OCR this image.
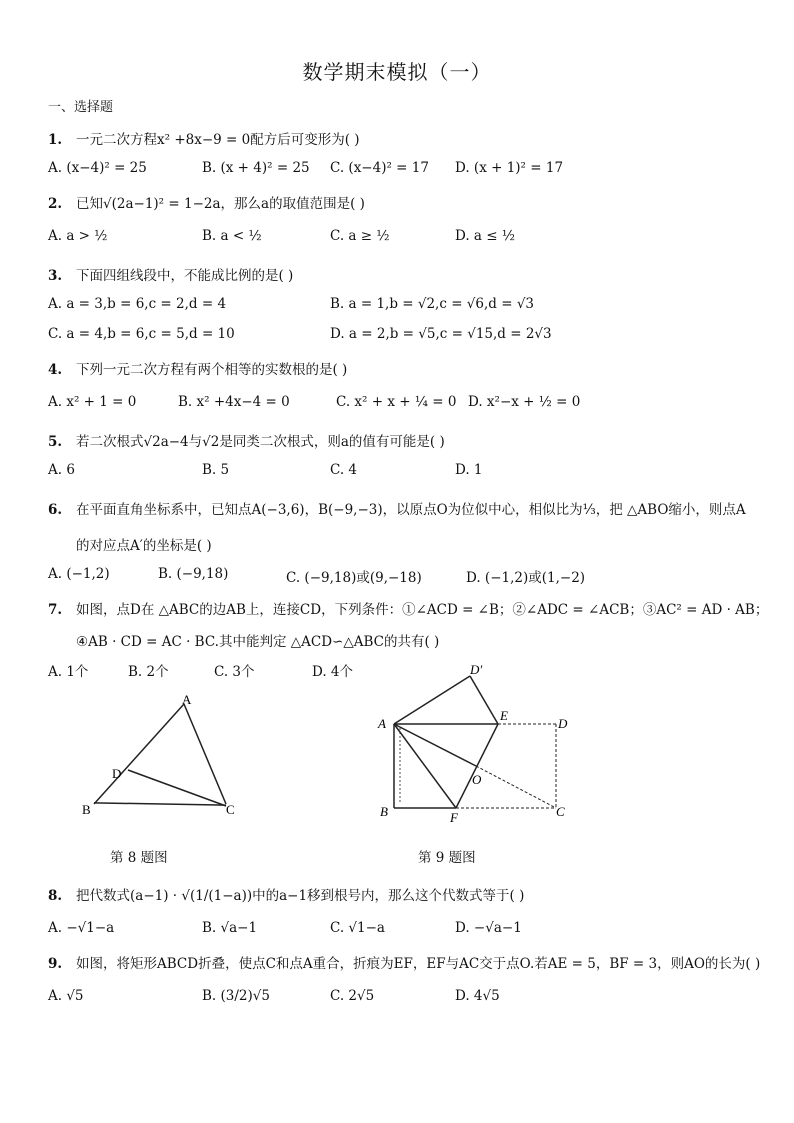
数学期末模拟（一）
一、选择题
1. 一元二次方程x² +8x−9 = 0配方后可变形为( )
A. (x−4)² = 25	B. (x + 4)² = 25 C. (x−4)² = 17 D. (x + 1)² = 17
2. 已知√(2a−1)² = 1−2a，那么a的取值范围是( )
A. a > ½	B. a < ½	C. a ≥ ½	D. a ≤ ½
3. 下面四组线段中，不能成比例的是( )
A. a = 3,b = 6,c = 2,d = 4	B. a = 1,b = √2,c = √6,d = √3
C. a = 4,b = 6,c = 5,d = 10	D. a = 2,b = √5,c = √15,d = 2√3
4. 下列一元二次方程有两个相等的实数根的是( )
A. x² + 1 = 0	B. x² +4x−4 = 0	C. x² + x + ¼ = 0 D. x²−x + ½ = 0
5. 若二次根式√2a−4与√2是同类二次根式，则a的值有可能是( )
A. 6	B. 5	C. 4	D. 1
6. 在平面直角坐标系中，已知点A(−3,6)，B(−9,−3)，以原点O为位似中心，相似比为⅓，把 △ABO缩小，则点A
的对应点A′的坐标是( )
A. (−1,2)	B. (−9,18)	C. (−9,18)或(9,−18)	D. (−1,2)或(1,−2)
7. 如图，点D在 △ABC的边AB上，连接CD，下列条件：①∠ACD = ∠B；②∠ADC = ∠ACB；③AC² = AD · AB；
④AB · CD = AC · BC.其中能判定 △ACD∽△ABC的共有( )
A. 1个	B. 2个	C. 3个	D. 4个
A
B	C
D
A
B	C
D
D′
E
F
O
第 8 题图	第 9 题图
8. 把代数式(a−1) · √(1/(1−a))中的a−1移到根号内，那么这个代数式等于( )
A. −√1−a	B. √a−1	C. √1−a	D. −√a−1
9. 如图，将矩形ABCD折叠，使点C和点A重合，折痕为EF，EF与AC交于点O.若AE = 5，BF = 3，则AO的长为( )
A. √5	B. (3/2)√5	C. 2√5	D. 4√5
